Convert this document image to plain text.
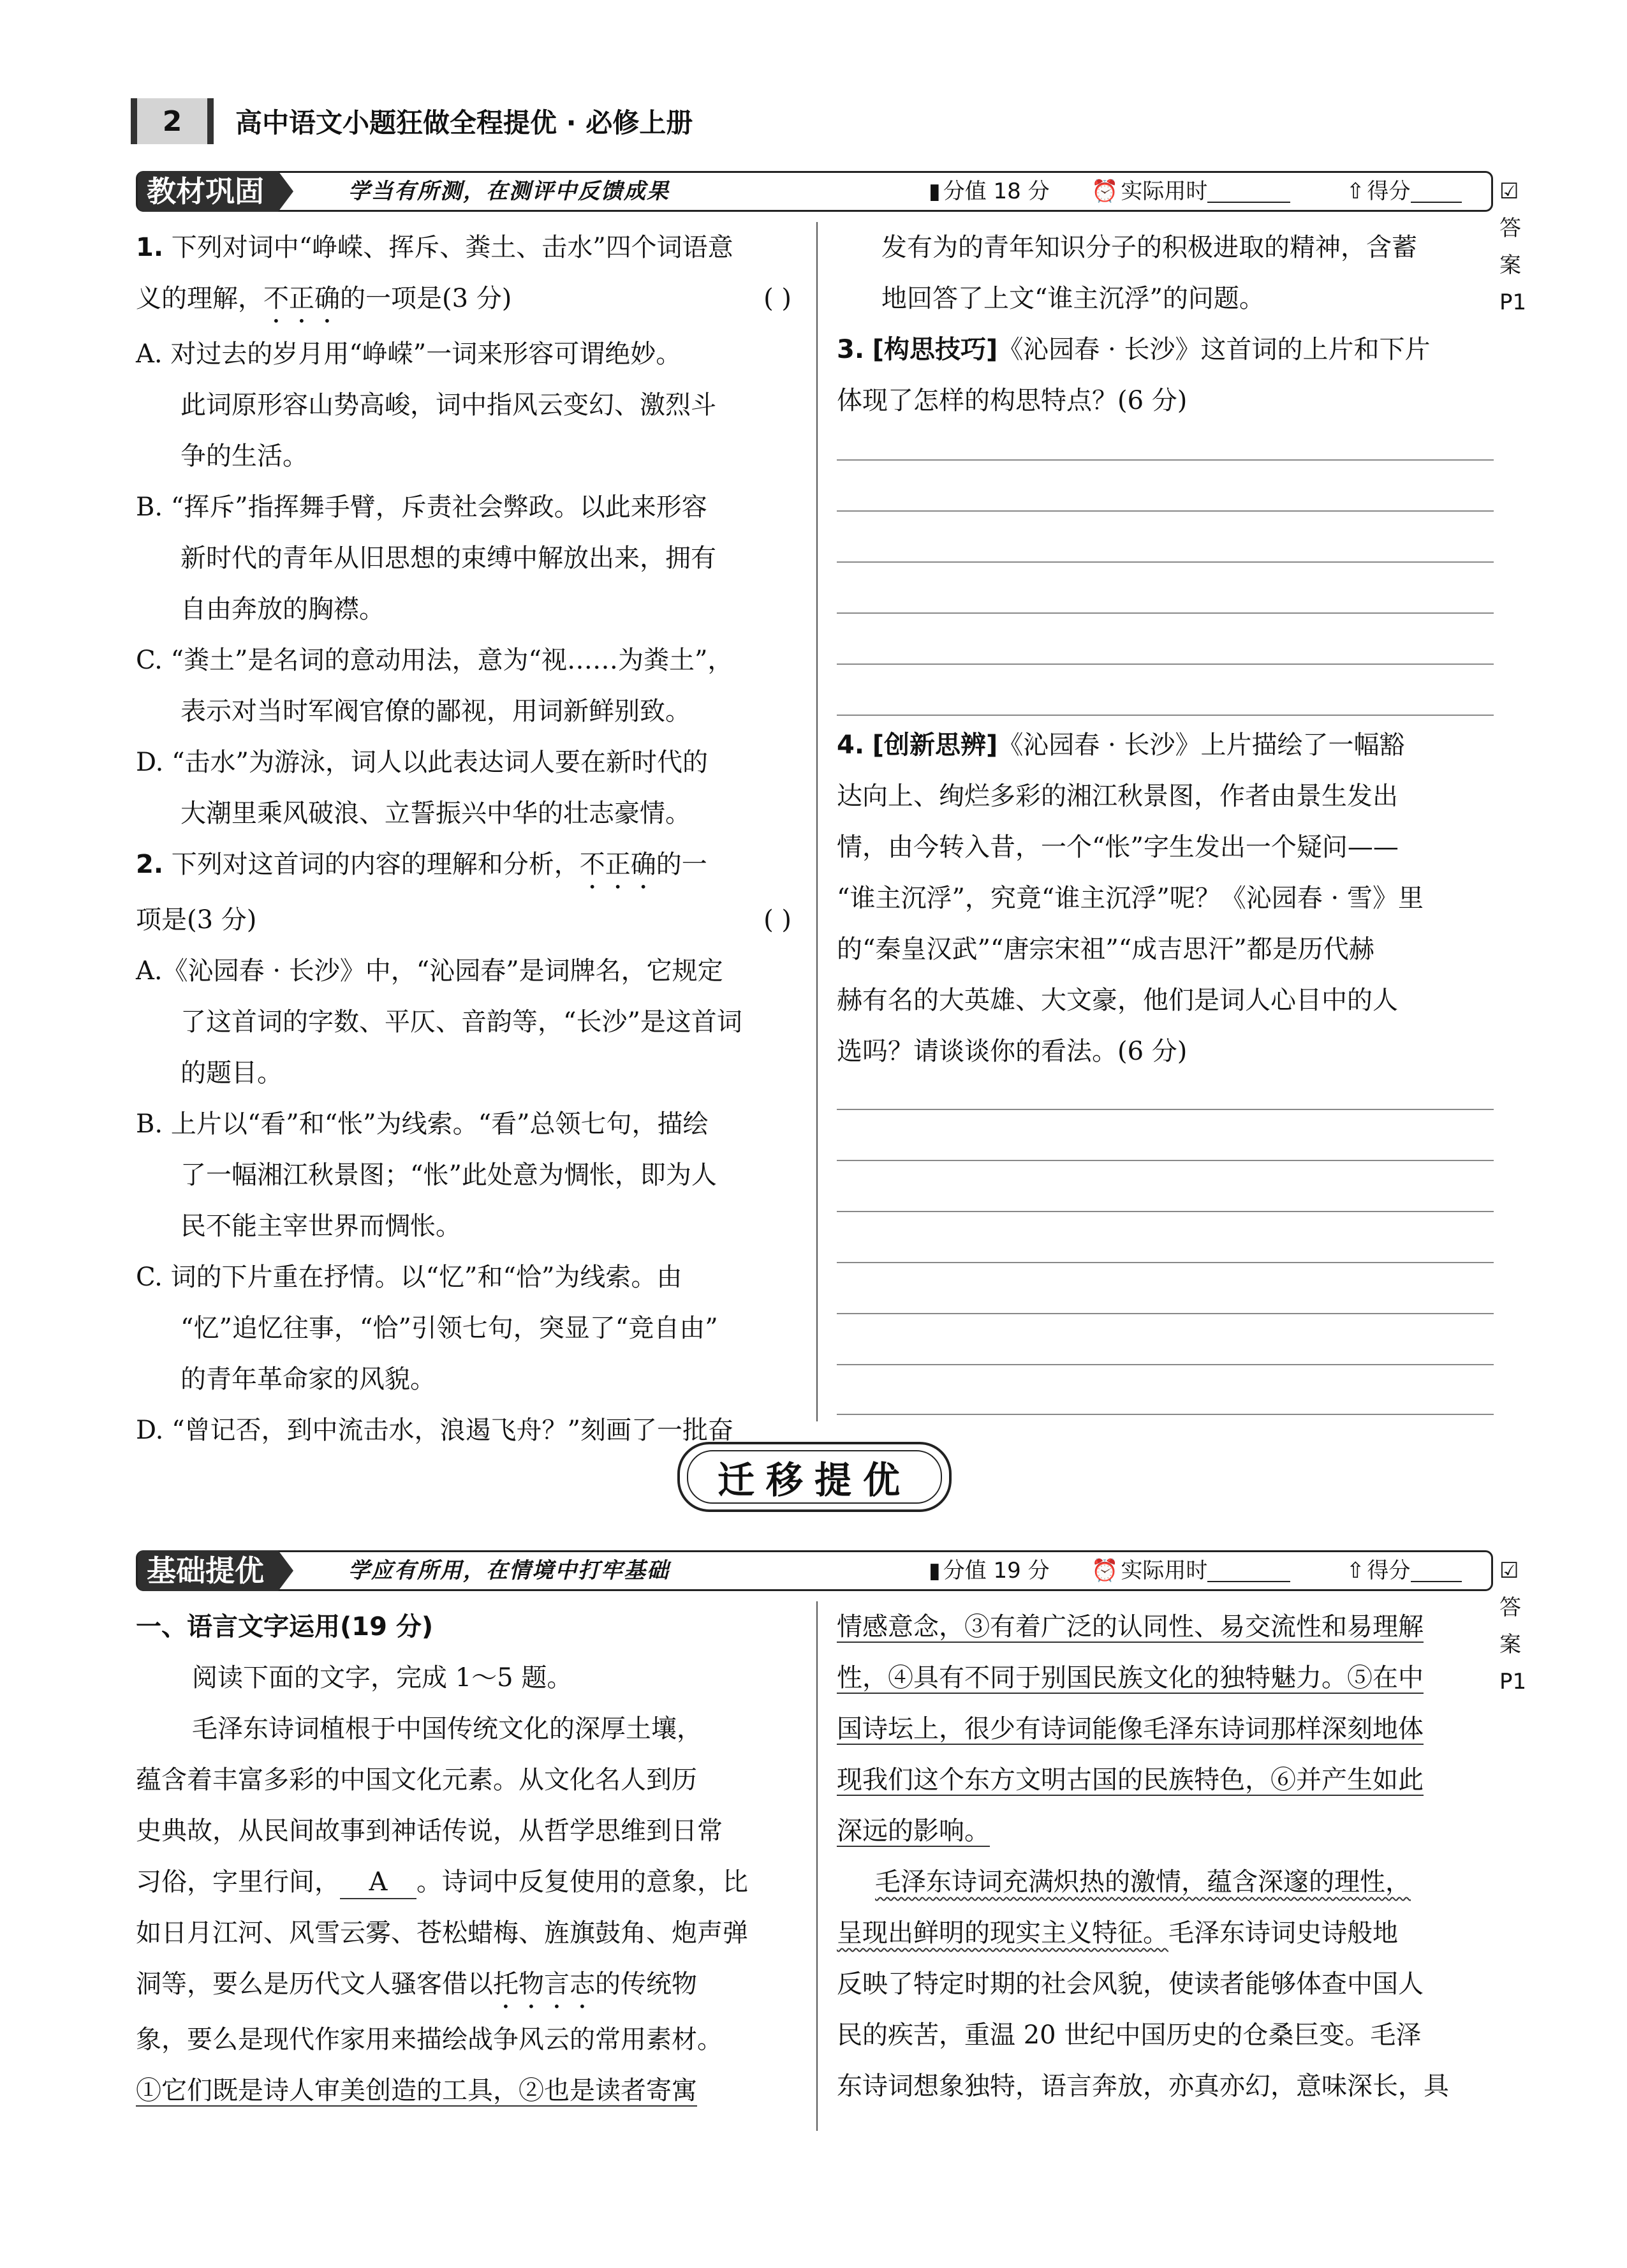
2	高中语文小题狂做全程提优 · 必修上册
教材巩固	学当有所测，在测评中反馈成果	▮ 分值 18 分 ⏰ 实际用时	⇧ 得分	☑答案 P1

1. 下列对词中“峥嵘、挥斥、粪土、击水”四个词语意

义的理解，不正确的一项是(3 分)	( )

A. 对过去的岁月用“峥嵘”一词来形容可谓绝妙。

此词原形容山势高峻，词中指风云变幻、激烈斗

争的生活。

B. “挥斥”指挥舞手臂，斥责社会弊政。以此来形容

新时代的青年从旧思想的束缚中解放出来，拥有

自由奔放的胸襟。

C. “粪土”是名词的意动用法，意为“视……为粪土”，

表示对当时军阀官僚的鄙视，用词新鲜别致。

D. “击水”为游泳，词人以此表达词人要在新时代的

大潮里乘风破浪、立誓振兴中华的壮志豪情。

2. 下列对这首词的内容的理解和分析，不正确的一

项是(3 分)	( )

A.《沁园春 · 长沙》中，“沁园春”是词牌名，它规定

了这首词的字数、平仄、音韵等，“长沙”是这首词

的题目。

B. 上片以“看”和“怅”为线索。“看”总领七句，描绘

了一幅湘江秋景图；“怅”此处意为惆怅，即为人

民不能主宰世界而惆怅。

C. 词的下片重在抒情。以“忆”和“恰”为线索。由

“忆”追忆往事，“恰”引领七句，突显了“竞自由”

的青年革命家的风貌。

D. “曾记否，到中流击水，浪遏飞舟？”刻画了一批奋

发有为的青年知识分子的积极进取的精神，含蓄

地回答了上文“谁主沉浮”的问题。

3. [构思技巧]《沁园春 · 长沙》这首词的上片和下片

体现了怎样的构思特点？(6 分)

4. [创新思辨]《沁园春 · 长沙》上片描绘了一幅豁

达向上、绚烂多彩的湘江秋景图，作者由景生发出

情，由今转入昔，一个“怅”字生发出一个疑问——

“谁主沉浮”，究竟“谁主沉浮”呢？《沁园春 · 雪》里

的“秦皇汉武”“唐宗宋祖”“成吉思汗”都是历代赫

赫有名的大英雄、大文豪，他们是词人心目中的人

选吗？请谈谈你的看法。(6 分)

迁移提优
基础提优	学应有所用，在情境中打牢基础	▮ 分值 19 分 ⏰ 实际用时	⇧ 得分	☑答案 P1

一、语言文字运用(19 分)

阅读下面的文字，完成 1～5 题。

毛泽东诗词植根于中国传统文化的深厚土壤，

蕴含着丰富多彩的中国文化元素。从文化名人到历

史典故，从民间故事到神话传说，从哲学思维到日常

习俗，字里行间， A 。诗词中反复使用的意象，比

如日月江河、风雪云雾、苍松蜡梅、旌旗鼓角、炮声弹

洞等，要么是历代文人骚客借以托物言志的传统物

象，要么是现代作家用来描绘战争风云的常用素材。

①它们既是诗人审美创造的工具，②也是读者寄寓

情感意念，③有着广泛的认同性、易交流性和易理解

性，④具有不同于别国民族文化的独特魅力。⑤在中

国诗坛上，很少有诗词能像毛泽东诗词那样深刻地体

现我们这个东方文明古国的民族特色，⑥并产生如此

深远的影响。

毛泽东诗词充满炽热的激情，蕴含深邃的理性，

呈现出鲜明的现实主义特征。毛泽东诗词史诗般地

反映了特定时期的社会风貌，使读者能够体查中国人

民的疾苦，重温 20 世纪中国历史的仓桑巨变。毛泽

东诗词想象独特，语言奔放，亦真亦幻，意味深长，具
